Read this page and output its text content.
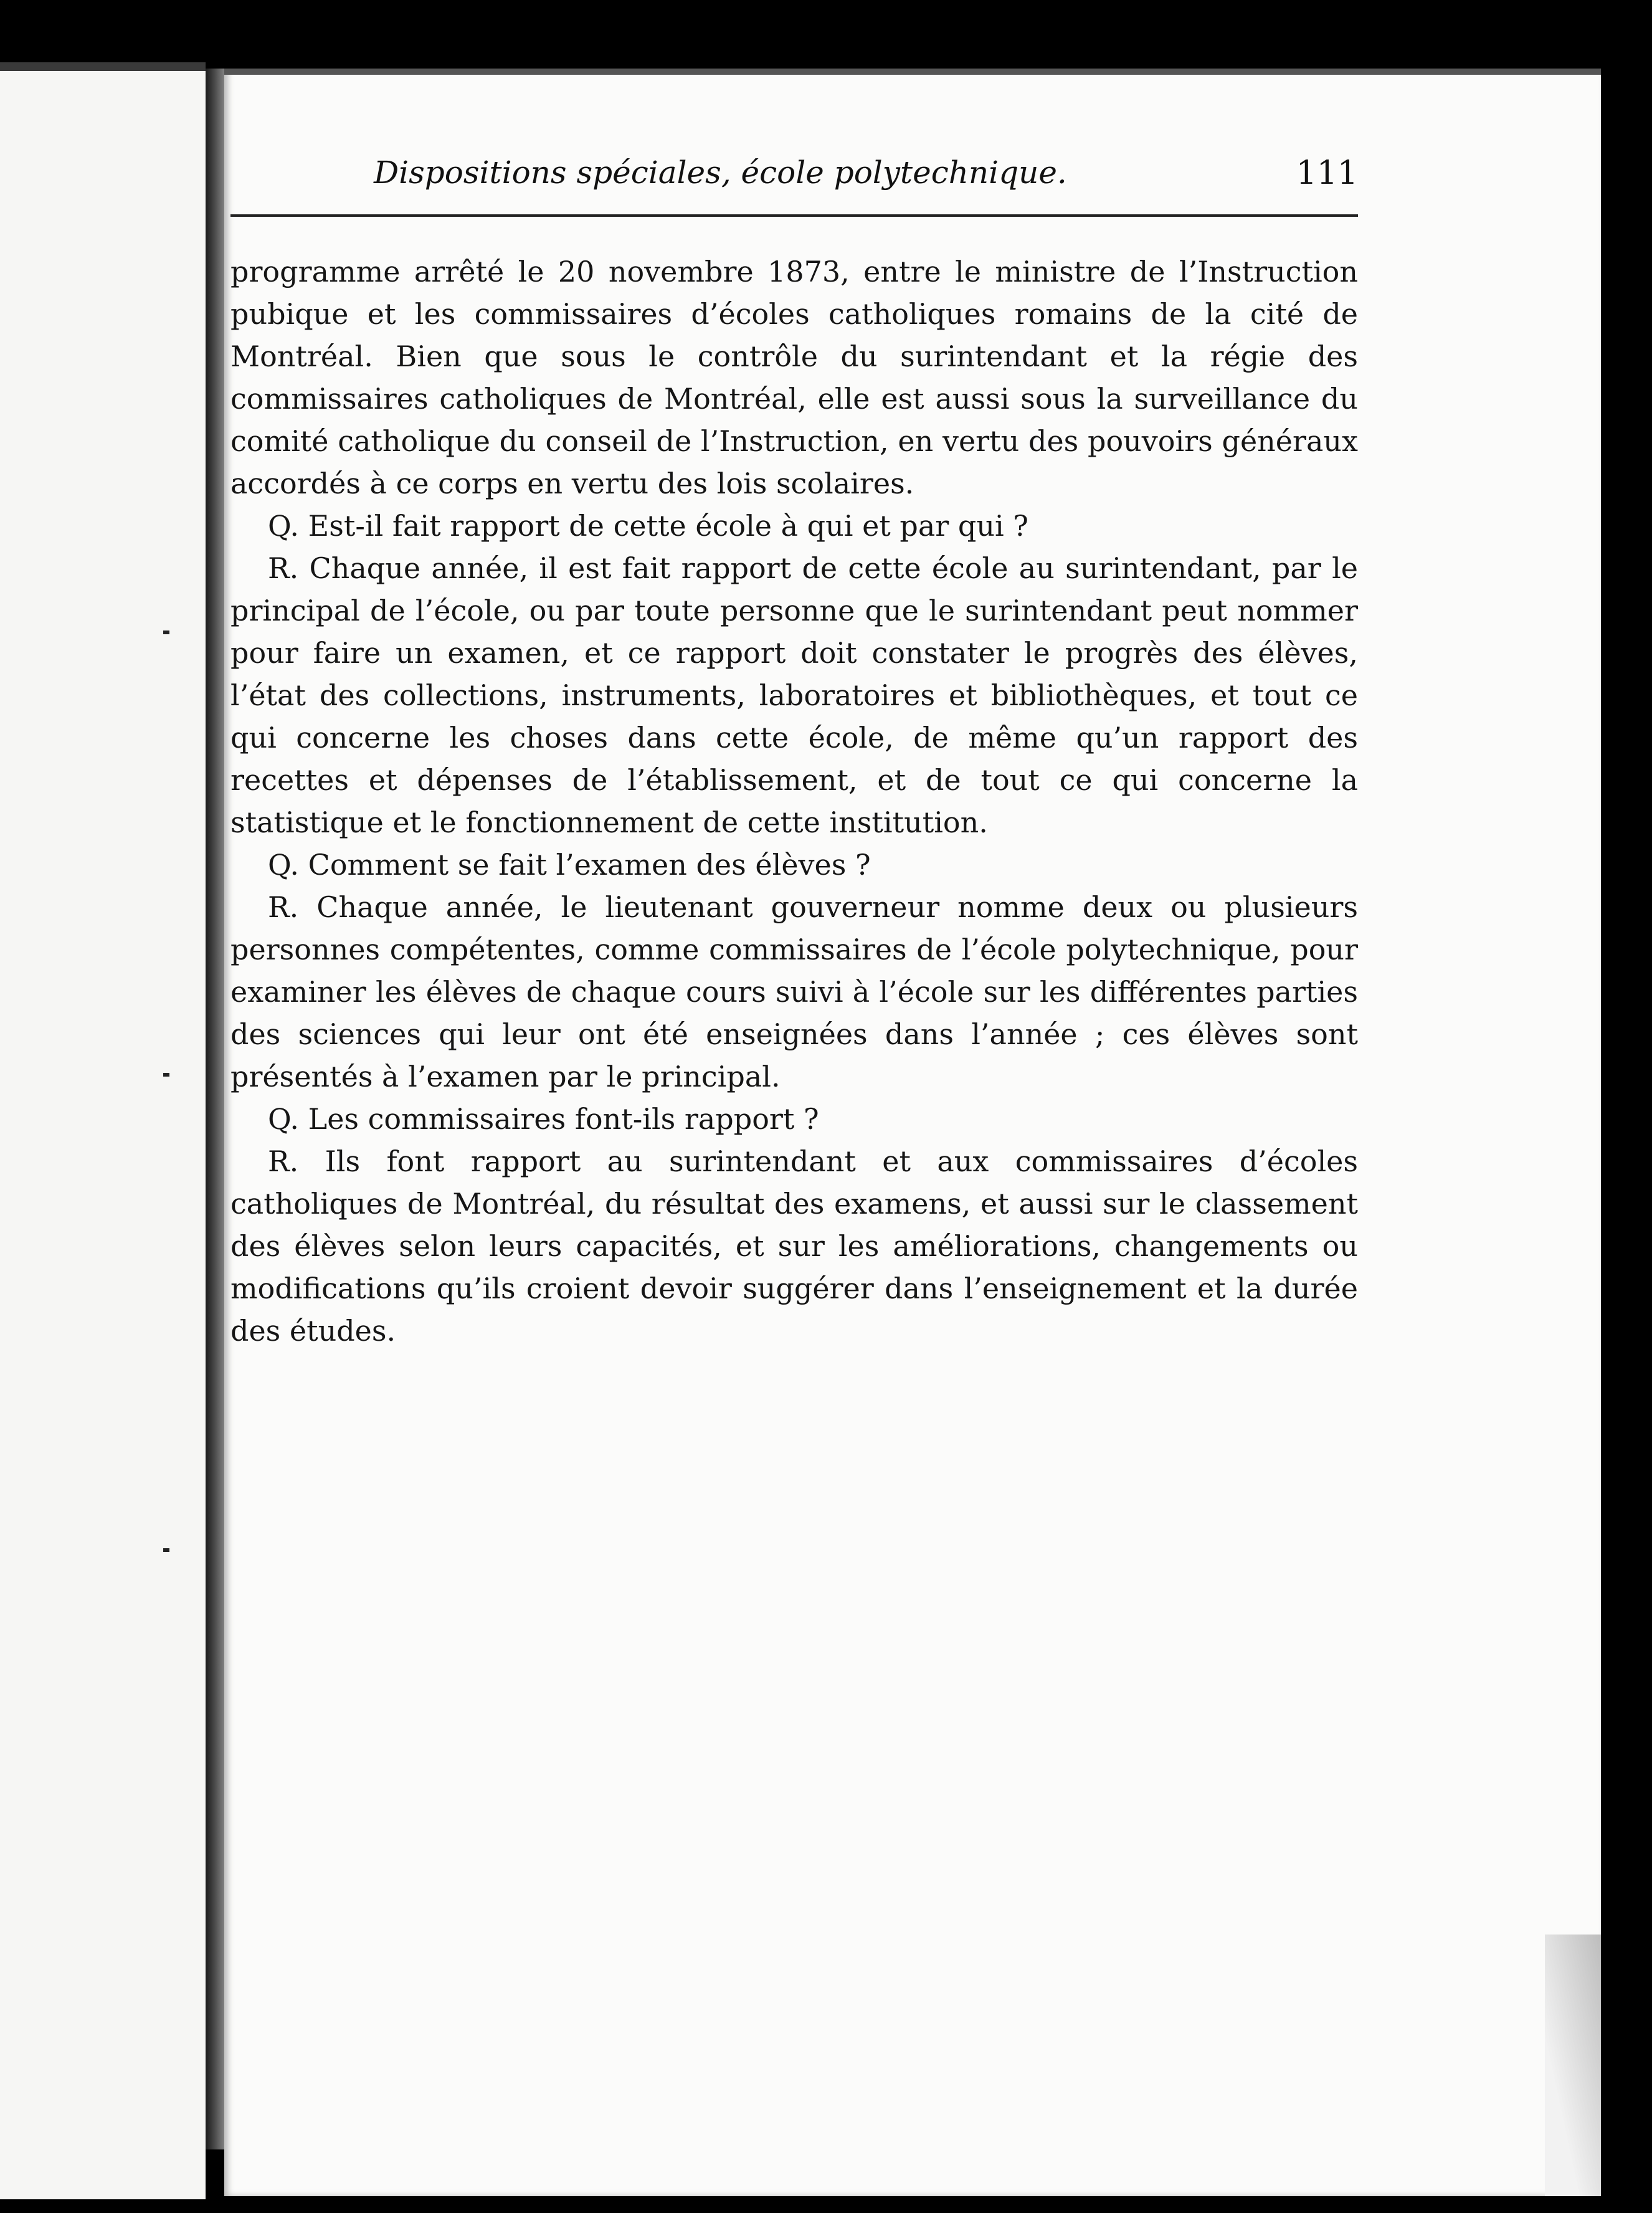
Dispositions spéciales, école polytechnique.	111

programme arrêté le 20 novembre 1873, entre le ministre de l’Instruction pubique et les commissaires d’écoles catholiques romains de la cité de Montréal. Bien que sous le contrôle du surintendant et la régie des commissaires catholiques de Montréal, elle est aussi sous la surveillance du comité catholique du conseil de l’Instruction, en vertu des pouvoirs généraux accordés à ce corps en vertu des lois scolaires.

Q. Est-il fait rapport de cette école à qui et par qui ?

R. Chaque année, il est fait rapport de cette école au surintendant, par le principal de l’école, ou par toute personne que le surintendant peut nommer pour faire un examen, et ce rapport doit constater le progrès des élèves, l’état des collections, instruments, laboratoires et bibliothèques, et tout ce qui concerne les choses dans cette école, de même qu’un rapport des recettes et dépenses de l’établissement, et de tout ce qui concerne la statistique et le fonctionnement de cette institution.

Q. Comment se fait l’examen des élèves ?

R. Chaque année, le lieutenant gouverneur nomme deux ou plusieurs personnes compétentes, comme commissaires de l’école polytechnique, pour examiner les élèves de chaque cours suivi à l’école sur les différentes parties des sciences qui leur ont été enseignées dans l’année ; ces élèves sont présentés à l’examen par le principal.

Q. Les commissaires font-ils rapport ?

R. Ils font rapport au surintendant et aux commissaires d’écoles catholiques de Montréal, du résultat des examens, et aussi sur le classement des élèves selon leurs capacités, et sur les améliorations, changements ou modifications qu’ils croient devoir suggérer dans l’enseignement et la durée des études.
